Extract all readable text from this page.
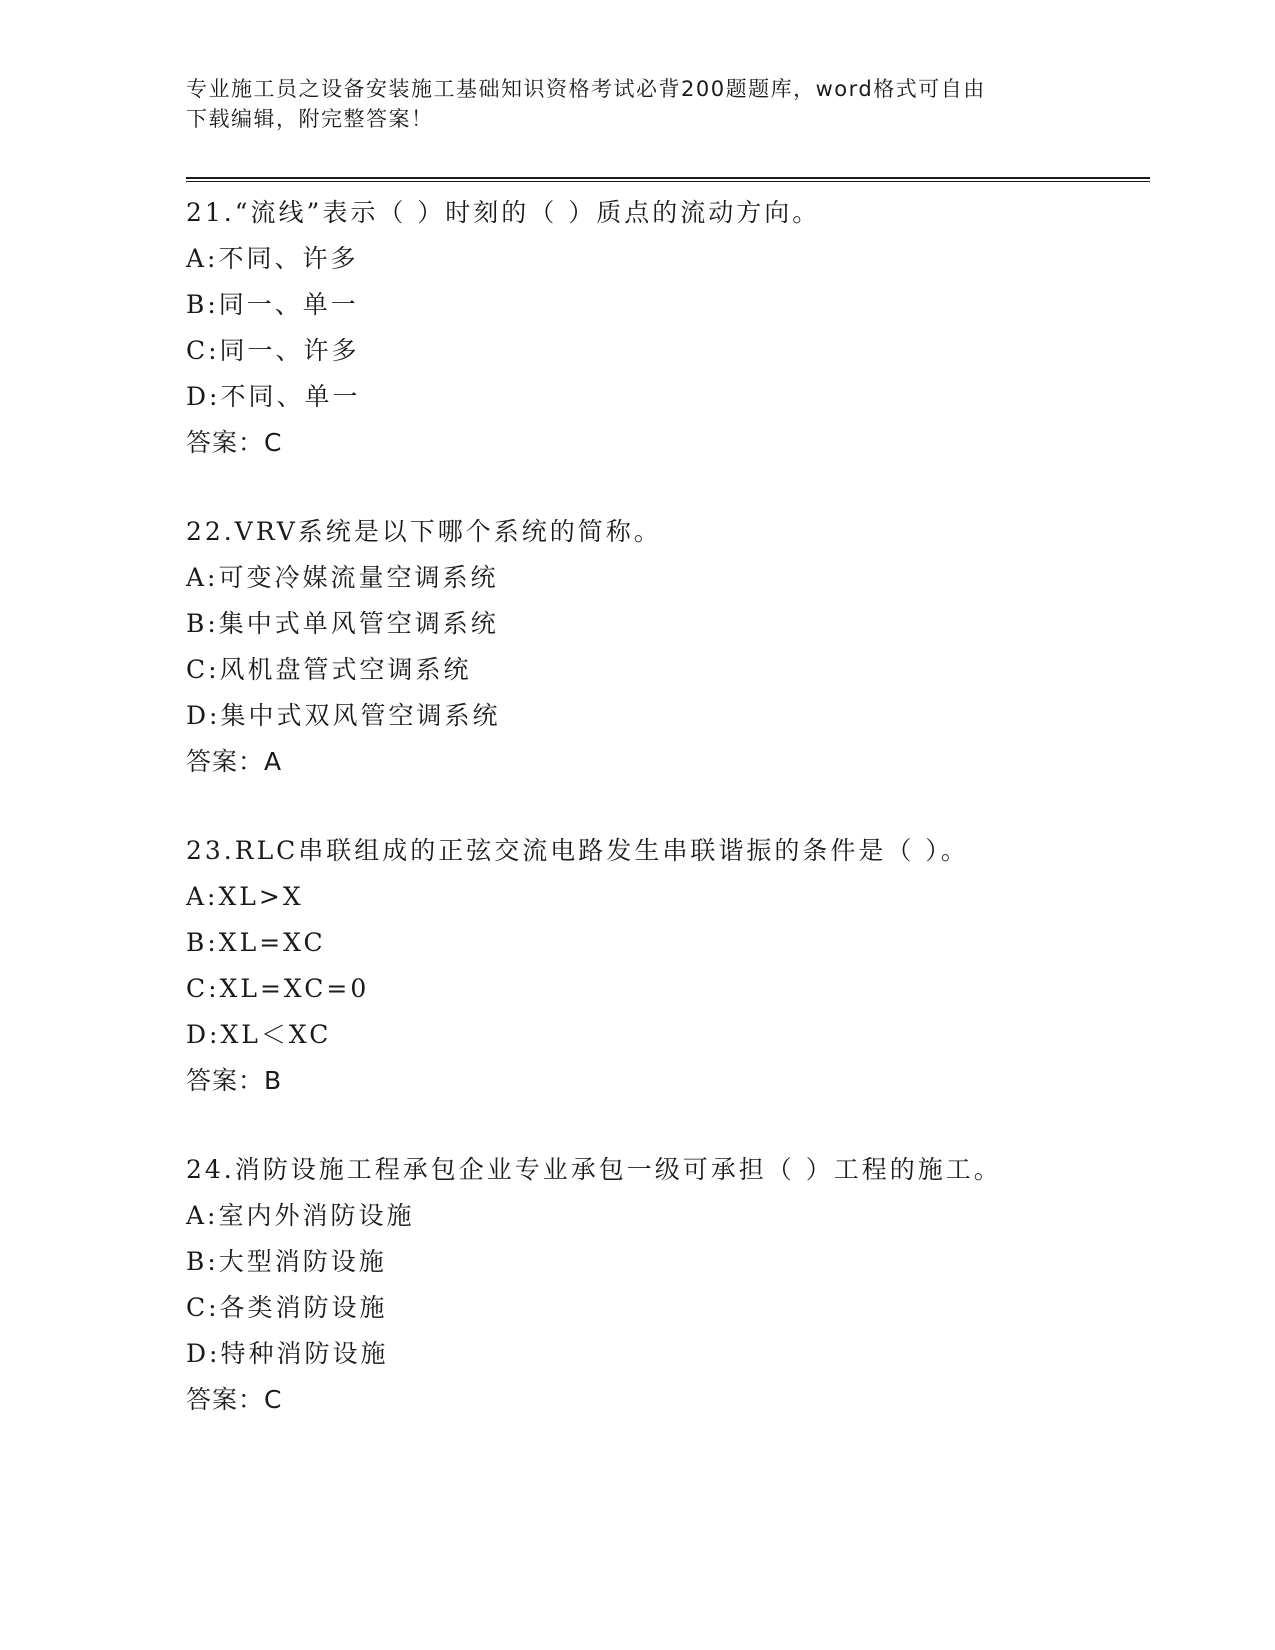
专业施工员之设备安装施工基础知识资格考试必背200题题库，word格式可自由
下载编辑，附完整答案！
21.“流线”表示（ ）时刻的（ ）质点的流动方向。
A:不同、许多
B:同一、单一
C:同一、许多
D:不同、单一
答案：C
22.VRV系统是以下哪个系统的简称。
A:可变冷媒流量空调系统
B:集中式单风管空调系统
C:风机盘管式空调系统
D:集中式双风管空调系统
答案：A
23.RLC串联组成的正弦交流电路发生串联谐振的条件是（ ）。
A:XL>X
B:XL=XC
C:XL=XC=0
D:XL＜XC
答案：B
24.消防设施工程承包企业专业承包一级可承担（ ）工程的施工。
A:室内外消防设施
B:大型消防设施
C:各类消防设施
D:特种消防设施
答案：C
